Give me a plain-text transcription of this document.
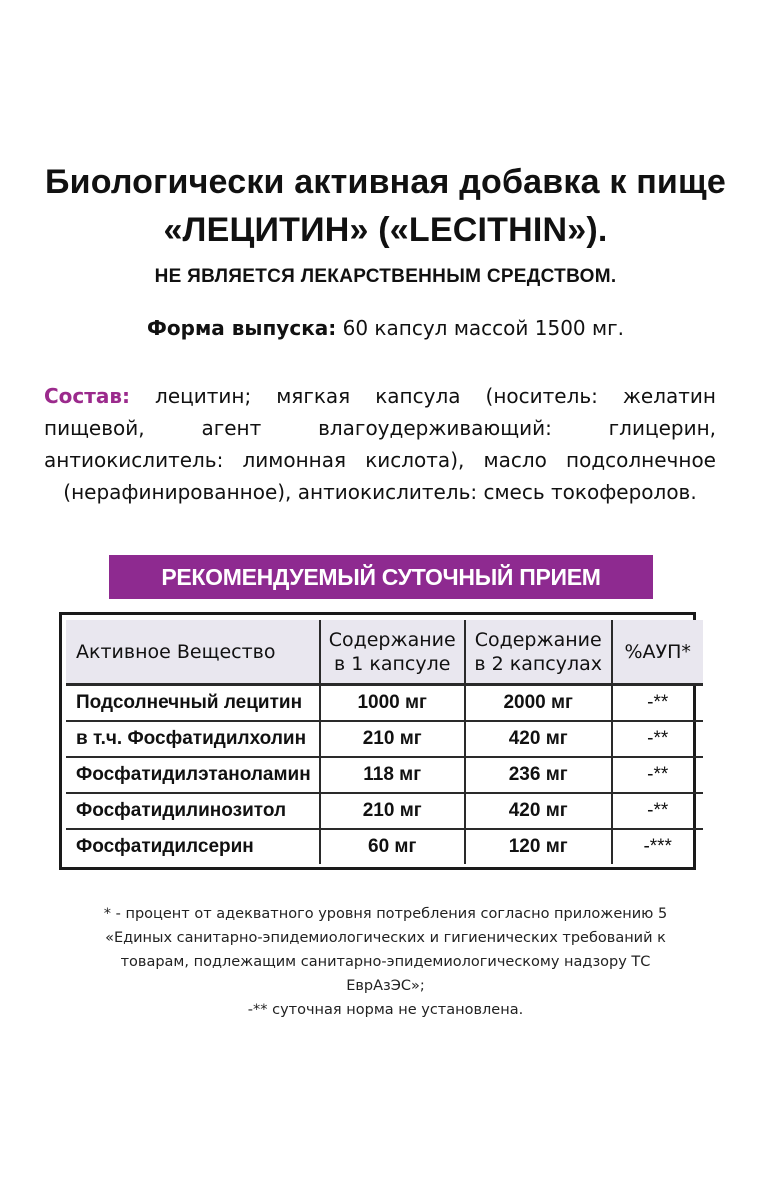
Биологически активная добавка к пище
«ЛЕЦИТИН» («LECITHIN»).
НЕ ЯВЛЯЕТСЯ ЛЕКАРСТВЕННЫМ СРЕДСТВОМ.
Форма выпуска: 60 капсул массой 1500 мг.
Состав: лецитин; мягкая капсула (носитель: желатин пищевой, агент влагоудерживающий: глицерин, антиокислитель: лимонная кислота), масло подсолнечное (нерафинированное), антиокислитель: смесь токоферолов.
РЕКОМЕНДУЕМЫЙ СУТОЧНЫЙ ПРИЕМ
Активное Вещество	Содержание в 1 капсуле	Содержание в 2 капсулах	%АУП*
Подсолнечный лецитин	1000 мг	2000 мг	-**
в т.ч. Фосфатидилхолин	210 мг	420 мг	-**
Фосфатидилэтаноламин	118 мг	236 мг	-**
Фосфатидилинозитол	210 мг	420 мг	-**
Фосфатидилсерин	60 мг	120 мг	-***
* - процент от адекватного уровня потребления согласно приложению 5
«Единых санитарно-эпидемиологических и гигиенических требований к
товарам, подлежащим санитарно-эпидемиологическому надзору ТС ЕврАзЭС»;
-** суточная норма не установлена.
